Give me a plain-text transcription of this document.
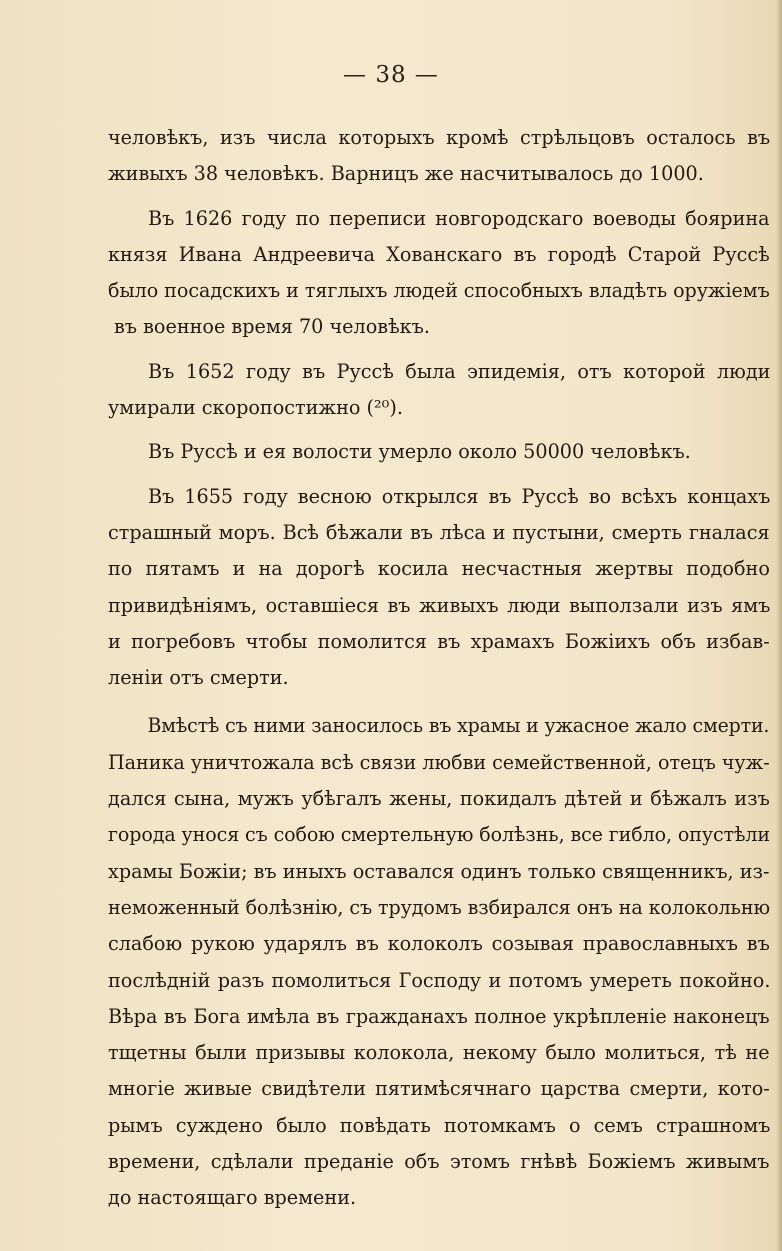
— 38 —
человѣкъ, изъ числа которыхъ кромѣ стрѣльцовъ осталось въ
живыхъ 38 человѣкъ. Варницъ же насчитывалось до 1000.
Въ 1626 году по переписи новгородскаго воеводы боярина
князя Ивана Андреевича Хованскаго въ городѣ Старой Руссѣ
было посадскихъ и тяглыхъ людей способныхъ владѣть оружіемъ
въ военное время 70 человѣкъ.
Въ 1652 году въ Руссѣ была эпидемія, отъ которой люди
умирали скоропостижно (²⁰).
Въ Руссѣ и ея волости умерло около 50000 человѣкъ.
Въ 1655 году весною открылся въ Руссѣ во всѣхъ концахъ
страшный моръ. Всѣ бѣжали въ лѣса и пустыни, смерть гналася
по пятамъ и на дорогѣ косила несчастныя жертвы подобно
привидѣніямъ, оставшіеся въ живыхъ люди выползали изъ ямъ
и погребовъ чтобы помолится въ храмахъ Божіихъ объ избав-
леніи отъ смерти.
Вмѣстѣ съ ними заносилось въ храмы и ужасное жало смерти.
Паника уничтожала всѣ связи любви семейственной, отецъ чуж-
дался сына, мужъ убѣгалъ жены, покидалъ дѣтей и бѣжалъ изъ
города унося съ собою смертельную болѣзнь, все гибло, опустѣли
храмы Божіи; въ иныхъ оставался одинъ только священникъ, из-
неможенный болѣзнію, съ трудомъ взбирался онъ на колокольню
слабою рукою ударялъ въ колоколъ созывая православныхъ въ
послѣдній разъ помолиться Господу и потомъ умереть покойно.
Вѣра въ Бога имѣла въ гражданахъ полное укрѣпленіе наконецъ
тщетны были призывы колокола, некому было молиться, тѣ не
многіе живые свидѣтели пятимѣсячнаго царства смерти, кото-
рымъ суждено было повѣдать потомкамъ о семъ страшномъ
времени, сдѣлали преданіе объ этомъ гнѣвѣ Божіемъ живымъ
до настоящаго времени.
